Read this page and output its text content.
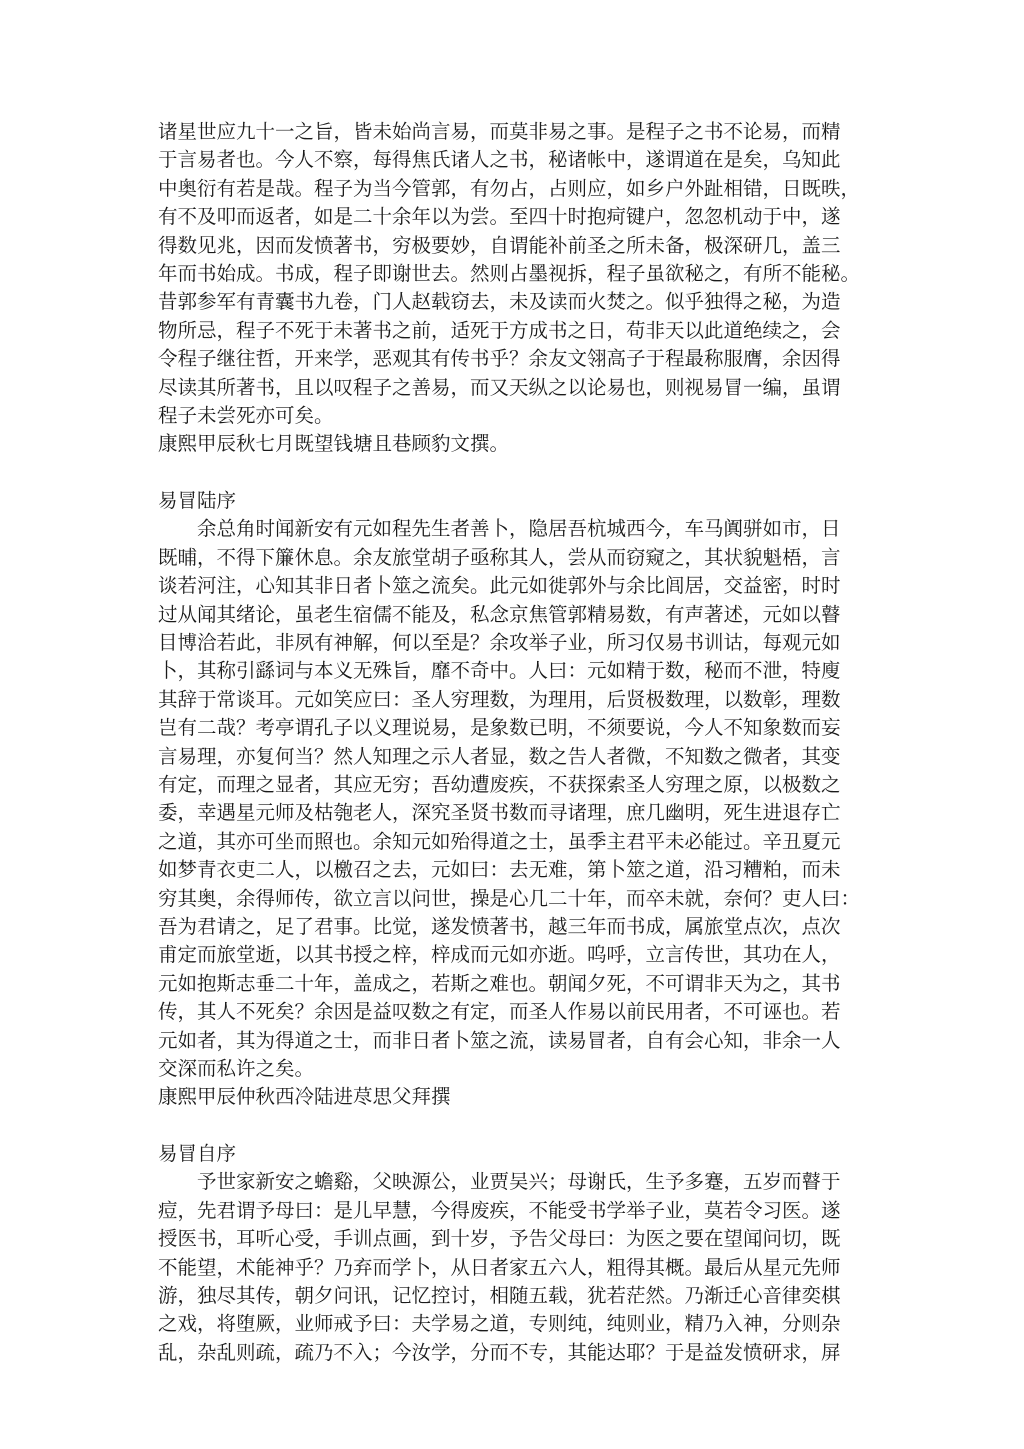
诸星世应九十一之旨，皆未始尚言易，而莫非易之事。是程子之书不论易，而精
于言易者也。今人不察，每得焦氏诸人之书，秘诸帐中，遂谓道在是矣，乌知此
中奥衍有若是哉。程子为当今管郭，有勿占，占则应，如乡户外趾相错，日既昳，
有不及叩而返者，如是二十余年以为尝。至四十时抱疴键户，忽忽机动于中，遂
得数见兆，因而发愤著书，穷极要妙，自谓能补前圣之所未备，极深研几，盖三
年而书始成。书成，程子即谢世去。然则占墨视拆，程子虽欲秘之，有所不能秘。
昔郭参军有青囊书九卷，门人赵载窃去，未及读而火焚之。似乎独得之秘，为造
物所忌，程子不死于未著书之前，适死于方成书之日，苟非天以此道绝续之，会
令程子继往哲，开来学，恶观其有传书乎？余友文翎高子于程最称服膺，余因得
尽读其所著书，且以叹程子之善易，而又天纵之以论易也，则视易冒一编，虽谓
程子未尝死亦可矣。
康熙甲辰秋七月既望钱塘且巷顾豹文撰。
易冒陆序
　　余总角时闻新安有元如程先生者善卜，隐居吾杭城西今，车马阗骈如市，日
既晡，不得下簾休息。余友旅堂胡子亟称其人，尝从而窃窥之，其状貌魁梧，言
谈若河注，心知其非日者卜筮之流矣。此元如徙郭外与余比闾居，交益密，时时
过从闻其绪论，虽老生宿儒不能及，私念京焦管郭精易数，有声著述，元如以瞽
目博洽若此，非夙有神解，何以至是？余攻举子业，所习仅易书训诂，每观元如
卜，其称引繇词与本义无殊旨，靡不奇中。人曰：元如精于数，秘而不泄，特廋
其辞于常谈耳。元如笑应曰：圣人穷理数，为理用，后贤极数理，以数彰，理数
岂有二哉？考亭谓孔子以义理说易，是象数已明，不须要说，今人不知象数而妄
言易理，亦复何当？然人知理之示人者显，数之告人者微，不知数之微者，其变
有定，而理之显者，其应无穷；吾幼遭废疾，不获探索圣人穷理之原，以极数之
委，幸遇星元师及枯匏老人，深究圣贤书数而寻诸理，庶几幽明，死生进退存亡
之道，其亦可坐而照也。余知元如殆得道之士，虽季主君平未必能过。辛丑夏元
如梦青衣吏二人，以檄召之去，元如曰：去无难，第卜筮之道，沿习糟粕，而未
穷其奥，余得师传，欲立言以问世，操是心几二十年，而卒未就，奈何？吏人曰：
吾为君请之，足了君事。比觉，遂发愤著书，越三年而书成，属旅堂点次，点次
甫定而旅堂逝，以其书授之梓，梓成而元如亦逝。呜呼，立言传世，其功在人，
元如抱斯志垂二十年，盖成之，若斯之难也。朝闻夕死，不可谓非天为之，其书
传，其人不死矣？余因是益叹数之有定，而圣人作易以前民用者，不可诬也。若
元如者，其为得道之士，而非日者卜筮之流，读易冒者，自有会心知，非余一人
交深而私许之矣。
康熙甲辰仲秋西冷陆进荩思父拜撰
易冒自序
　　予世家新安之蟾谿，父映源公，业贾吴兴；母谢氏，生予多蹇，五岁而瞽于
痘，先君谓予母曰：是儿早慧，今得废疾，不能受书学举子业，莫若令习医。遂
授医书，耳听心受，手训点画，到十岁，予告父母曰：为医之要在望闻问切，既
不能望，术能神乎？乃弃而学卜，从日者家五六人，粗得其概。最后从星元先师
游，独尽其传，朝夕问讯，记忆控讨，相随五载，犹若茫然。乃渐迁心音律奕棋
之戏，将堕厥，业师戒予曰：夫学易之道，专则纯，纯则业，精乃入神，分则杂
乱，杂乱则疏，疏乃不入；今汝学，分而不专，其能达耶？于是益发愤研求，屏
